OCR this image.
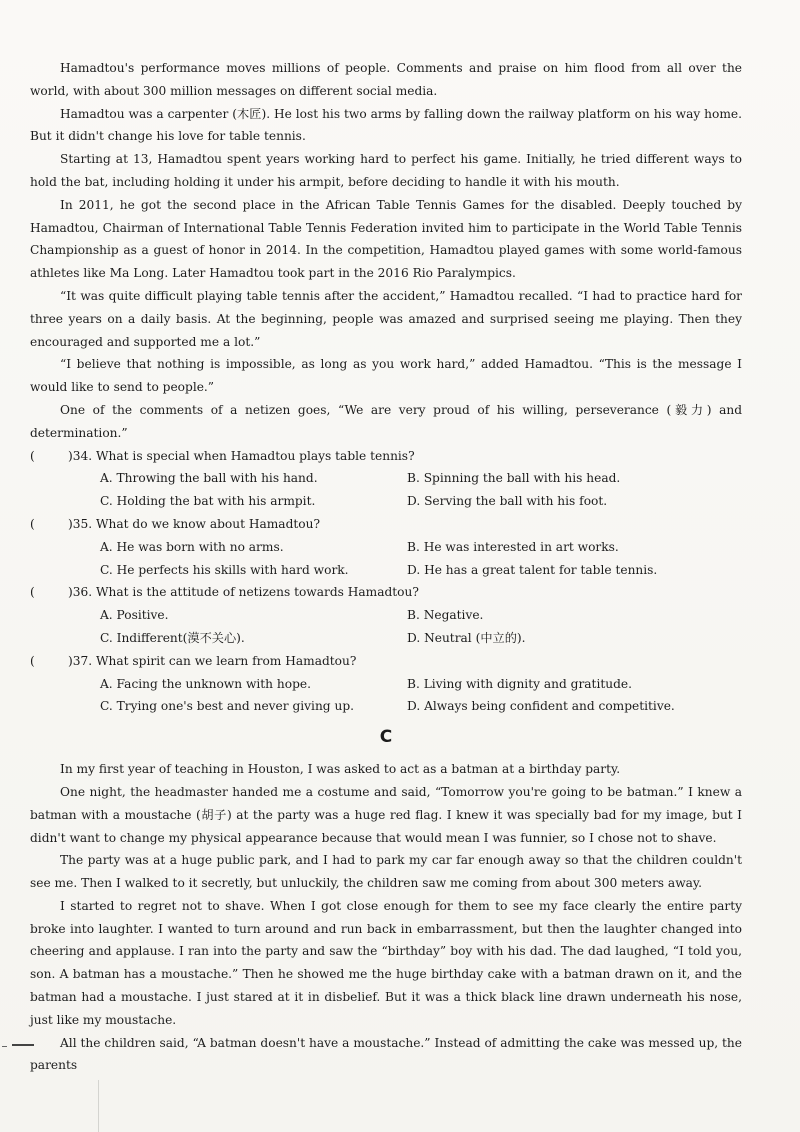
Hamadtou's performance moves millions of people. Comments and praise on him flood from all over the world, with about 300 million messages on different social media.

Hamadtou was a carpenter (木匠). He lost his two arms by falling down the railway platform on his way home. But it didn't change his love for table tennis.

Starting at 13, Hamadtou spent years working hard to perfect his game. Initially, he tried different ways to hold the bat, including holding it under his armpit, before deciding to handle it with his mouth.

In 2011, he got the second place in the African Table Tennis Games for the disabled. Deeply touched by Hamadtou, Chairman of International Table Tennis Federation invited him to participate in the World Table Tennis Championship as a guest of honor in 2014. In the competition, Hamadtou played games with some world-famous athletes like Ma Long. Later Hamadtou took part in the 2016 Rio Paralympics.

“It was quite difficult playing table tennis after the accident,” Hamadtou recalled. “I had to practice hard for three years on a daily basis. At the beginning, people was amazed and surprised seeing me playing. Then they encouraged and supported me a lot.”

“I believe that nothing is impossible, as long as you work hard,” added Hamadtou. “This is the message I would like to send to people.”

One of the comments of a netizen goes, “We are very proud of his willing, perseverance (毅力) and determination.”

(	)34. What is special when Hamadtou plays table tennis?

A. Throwing the ball with his hand.	B. Spinning the ball with his head.

C. Holding the bat with his armpit.	D. Serving the ball with his foot.

(	)35. What do we know about Hamadtou?

A. He was born with no arms.	B. He was interested in art works.

C. He perfects his skills with hard work.	D. He has a great talent for table tennis.

(	)36. What is the attitude of netizens towards Hamadtou?

A. Positive.	B. Negative.

C. Indifferent(漠不关心).	D. Neutral (中立的).

(	)37. What spirit can we learn from Hamadtou?

A. Facing the unknown with hope.	B. Living with dignity and gratitude.

C. Trying one's best and never giving up.	D. Always being confident and competitive.

C

In my first year of teaching in Houston, I was asked to act as a batman at a birthday party.

One night, the headmaster handed me a costume and said, “Tomorrow you're going to be batman.” I knew a batman with a moustache (胡子) at the party was a huge red flag. I knew it was specially bad for my image, but I didn't want to change my physical appearance because that would mean I was funnier, so I chose not to shave.

The party was at a huge public park, and I had to park my car far enough away so that the children couldn't see me. Then I walked to it secretly, but unluckily, the children saw me coming from about 300 meters away.

I started to regret not to shave. When I got close enough for them to see my face clearly the entire party broke into laughter. I wanted to turn around and run back in embarrassment, but then the laughter changed into cheering and applause. I ran into the party and saw the “birthday” boy with his dad. The dad laughed, “I told you, son. A batman has a moustache.” Then he showed me the huge birthday cake with a batman drawn on it, and the batman had a moustache. I just stared at it in disbelief. But it was a thick black line drawn underneath his nose, just like my moustache.

All the children said, “A batman doesn't have a moustache.” Instead of admitting the cake was messed up, the parents
